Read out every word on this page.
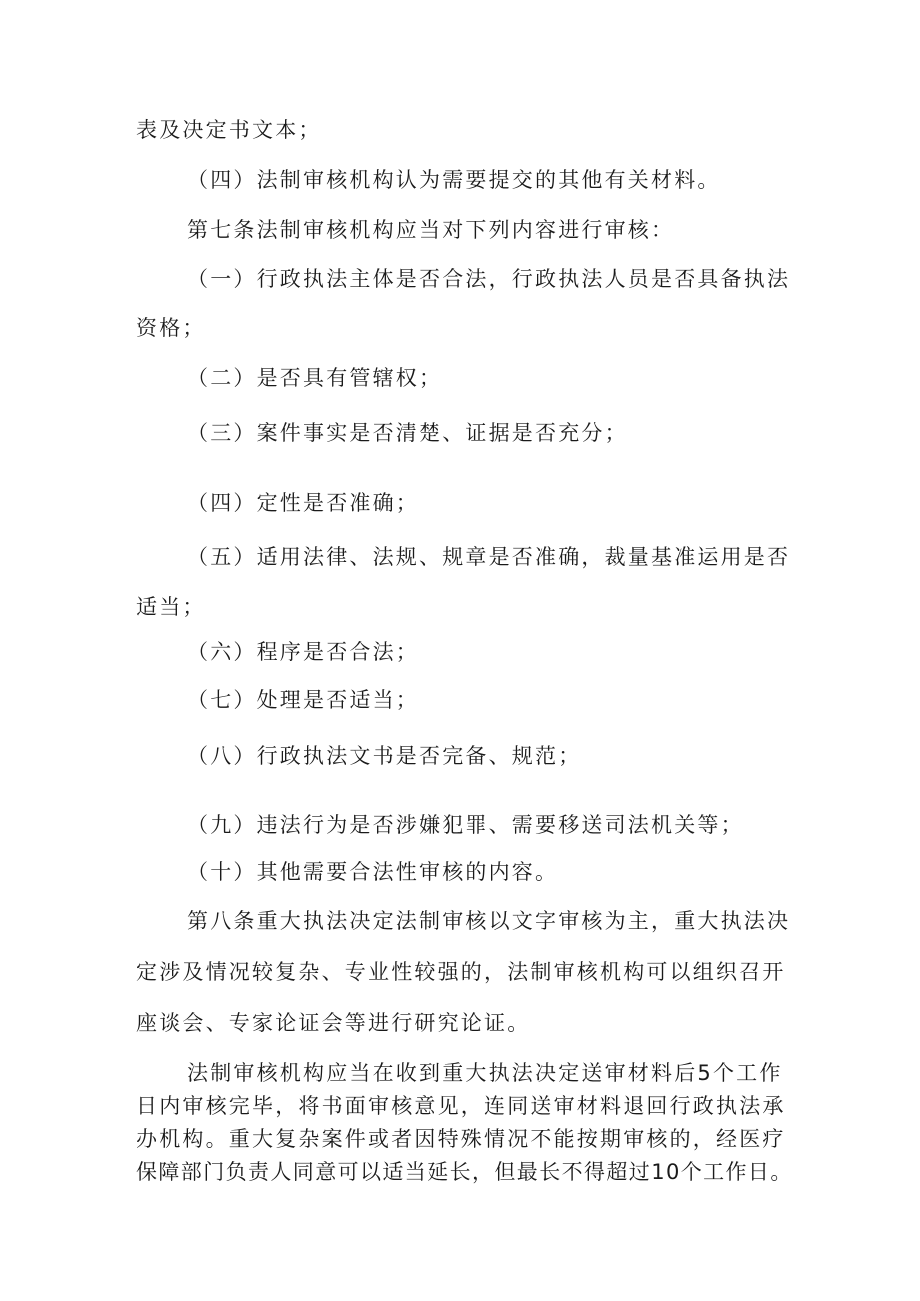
表及决定书文本；

（四）法制审核机构认为需要提交的其他有关材料。

第七条法制审核机构应当对下列内容进行审核：

（一）行政执法主体是否合法，行政执法人员是否具备执法

资格；

（二）是否具有管辖权；

（三）案件事实是否清楚、证据是否充分；

（四）定性是否准确；

（五）适用法律、法规、规章是否准确，裁量基准运用是否

适当；

（六）程序是否合法；

（七）处理是否适当；

（八）行政执法文书是否完备、规范；

（九）违法行为是否涉嫌犯罪、需要移送司法机关等；

（十）其他需要合法性审核的内容。

第八条重大执法决定法制审核以文字审核为主，重大执法决

定涉及情况较复杂、专业性较强的，法制审核机构可以组织召开

座谈会、专家论证会等进行研究论证。

法制审核机构应当在收到重大执法决定送审材料后5个工作

日内审核完毕，将书面审核意见，连同送审材料退回行政执法承

办机构。重大复杂案件或者因特殊情况不能按期审核的，经医疗

保障部门负责人同意可以适当延长，但最长不得超过10个工作日。
